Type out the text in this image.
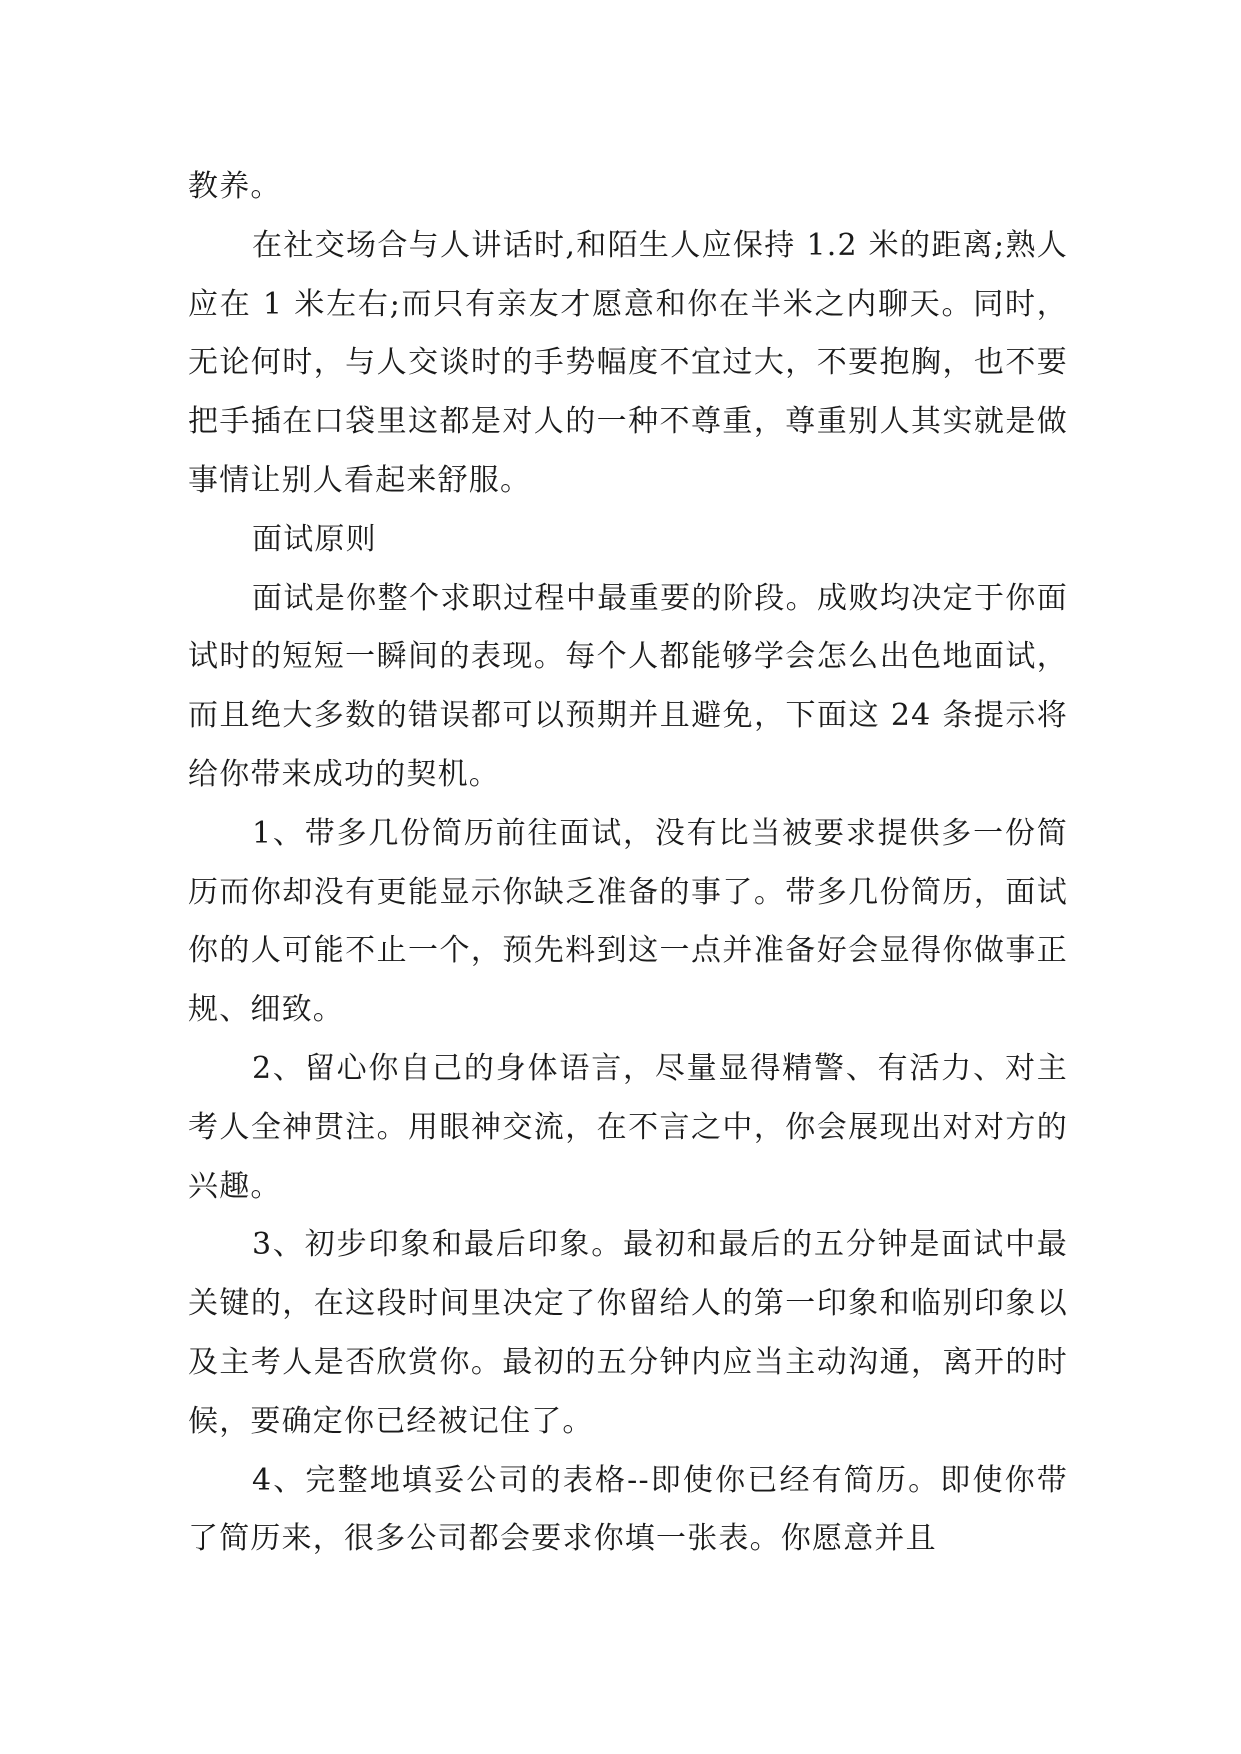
教养。

在社交场合与人讲话时,和陌生人应保持 1.2 米的距离;熟人应在 1 米左右;而只有亲友才愿意和你在半米之内聊天。同时，无论何时，与人交谈时的手势幅度不宜过大，不要抱胸，也不要把手插在口袋里这都是对人的一种不尊重，尊重别人其实就是做事情让别人看起来舒服。

面试原则

面试是你整个求职过程中最重要的阶段。成败均决定于你面试时的短短一瞬间的表现。每个人都能够学会怎么出色地面试，而且绝大多数的错误都可以预期并且避免，下面这 24 条提示将给你带来成功的契机。

1、带多几份简历前往面试，没有比当被要求提供多一份简历而你却没有更能显示你缺乏准备的事了。带多几份简历，面试你的人可能不止一个，预先料到这一点并准备好会显得你做事正规、细致。

2、留心你自己的身体语言，尽量显得精警、有活力、对主考人全神贯注。用眼神交流，在不言之中，你会展现出对对方的兴趣。

3、初步印象和最后印象。最初和最后的五分钟是面试中最关键的，在这段时间里决定了你留给人的第一印象和临别印象以及主考人是否欣赏你。最初的五分钟内应当主动沟通，离开的时候，要确定你已经被记住了。

4、完整地填妥公司的表格--即使你已经有简历。即使你带了简历来，很多公司都会要求你填一张表。你愿意并且
